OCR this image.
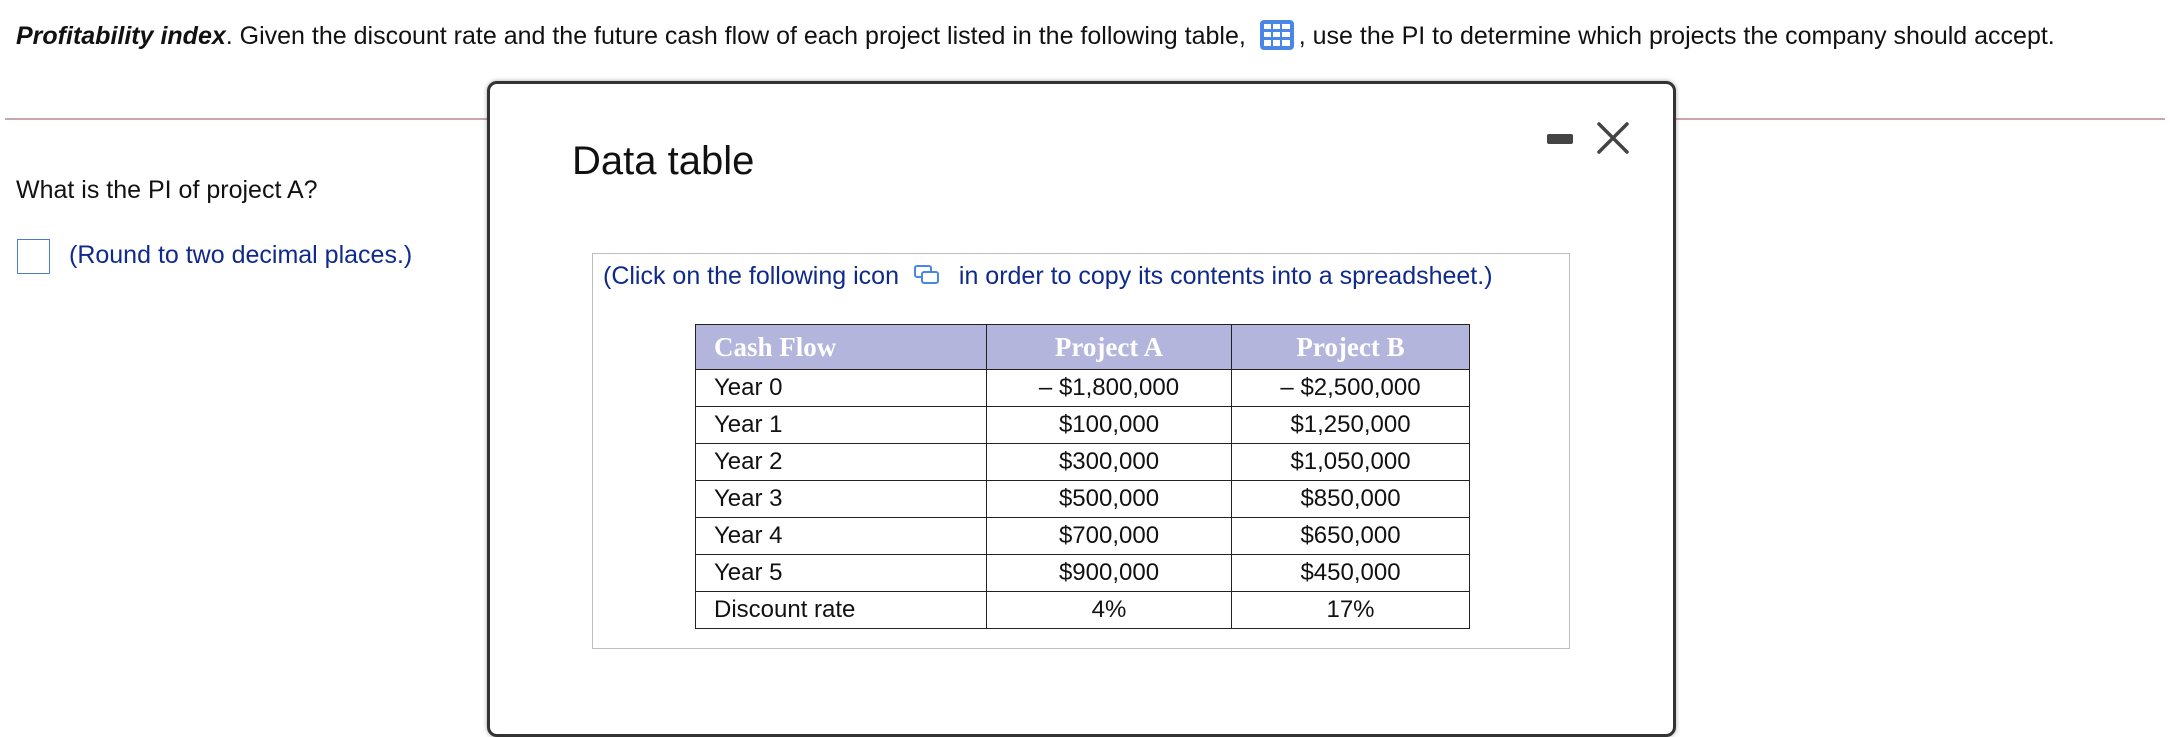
Profitability index. Given the discount rate and the future cash flow of each project listed in the following table, , use the PI to determine which projects the company should accept.
What is the PI of project A?
(Round to two decimal places.)
Data table
(Click on the following icon in order to copy its contents into a spreadsheet.)
Cash Flow	Project A	Project B
Year 0	– $1,800,000	– $2,500,000
Year 1	$100,000	$1,250,000
Year 2	$300,000	$1,050,000
Year 3	$500,000	$850,000
Year 4	$700,000	$650,000
Year 5	$900,000	$450,000
Discount rate	4%	17%
